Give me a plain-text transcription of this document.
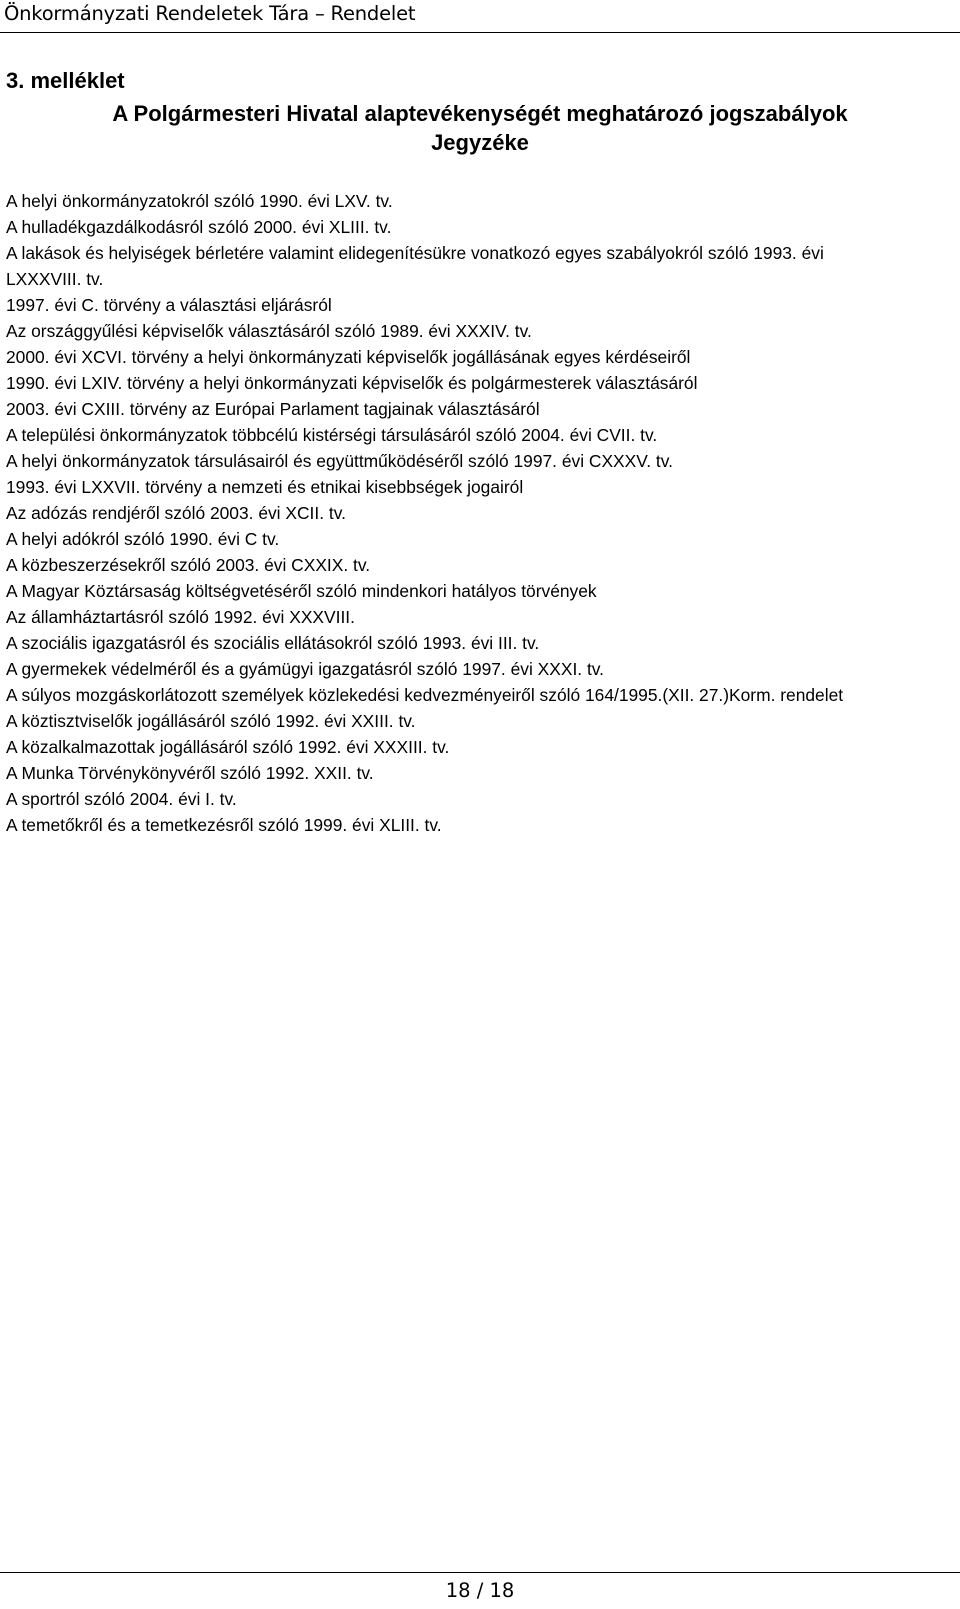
Önkormányzati Rendeletek Tára – Rendelet
3. melléklet
A Polgármesteri Hivatal alaptevékenységét meghatározó jogszabályok
Jegyzéke
A helyi önkormányzatokról szóló 1990. évi LXV. tv.
A hulladékgazdálkodásról szóló 2000. évi XLIII. tv.
A lakások és helyiségek bérletére valamint elidegenítésükre vonatkozó egyes szabályokról szóló 1993. évi
LXXXVIII. tv.
1997. évi C. törvény a választási eljárásról
Az országgyűlési képviselők választásáról szóló 1989. évi XXXIV. tv.
2000. évi XCVI. törvény a helyi önkormányzati képviselők jogállásának egyes kérdéseiről
1990. évi LXIV. törvény a helyi önkormányzati képviselők és polgármesterek választásáról
2003. évi CXIII. törvény az Európai Parlament tagjainak választásáról
A települési önkormányzatok többcélú kistérségi társulásáról szóló 2004. évi CVII. tv.
A helyi önkormányzatok társulásairól és együttműködéséről szóló 1997. évi CXXXV. tv.
1993. évi LXXVII. törvény a nemzeti és etnikai kisebbségek jogairól
Az adózás rendjéről szóló 2003. évi XCII. tv.
A helyi adókról szóló 1990. évi C tv.
A közbeszerzésekről szóló 2003. évi CXXIX. tv.
A Magyar Köztársaság költségvetéséről szóló mindenkori hatályos törvények
Az államháztartásról szóló 1992. évi XXXVIII.
A szociális igazgatásról és szociális ellátásokról szóló 1993. évi III. tv.
A gyermekek védelméről és a gyámügyi igazgatásról szóló 1997. évi XXXI. tv.
A súlyos mozgáskorlátozott személyek közlekedési kedvezményeiről szóló 164/1995.(XII. 27.)Korm. rendelet
A köztisztviselők jogállásáról szóló 1992. évi XXIII. tv.
A közalkalmazottak jogállásáról szóló 1992. évi XXXIII. tv.
A Munka Törvénykönyvéről szóló 1992. XXII. tv.
A sportról szóló 2004. évi I. tv.
A temetőkről és a temetkezésről szóló 1999. évi XLIII. tv.
18 / 18
